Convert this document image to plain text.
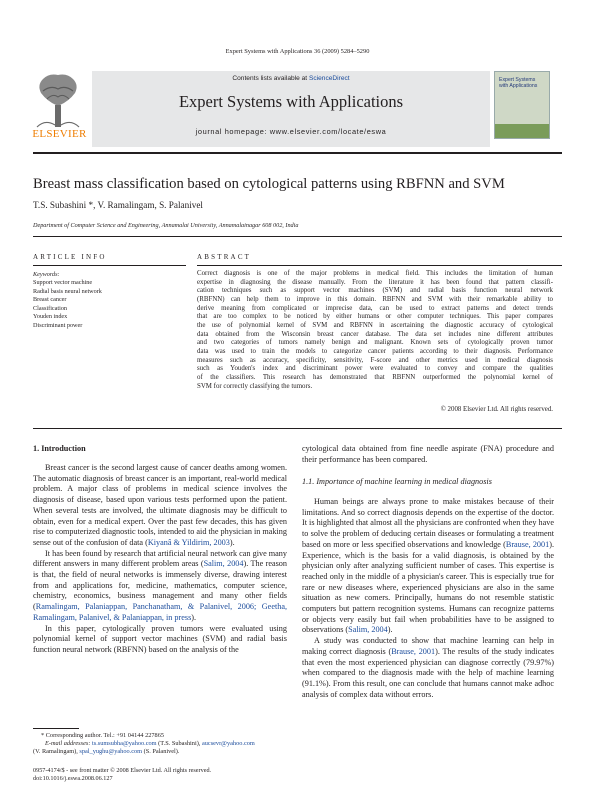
Expert Systems with Applications 36 (2009) 5284–5290
ELSEVIER
Contents lists available at ScienceDirect
Expert Systems with Applications
journal homepage: www.elsevier.com/locate/eswa
Expert Systems with Applications
Breast mass classification based on cytological patterns using RBFNN and SVM
T.S. Subashini *, V. Ramalingam, S. Palanivel
Department of Computer Science and Engineering, Annamalai University, Annamalainagar 608 002, India
ARTICLE INFO
Keywords:
Support vector machine
Radial basis neural network
Breast cancer
Classification
Youden index
Discriminant power
ABSTRACT
Correct diagnosis is one of the major problems in medical field. This includes the limitation of human
expertise in diagnosing the disease manually. From the literature it has been found that pattern classifi-
cation techniques such as support vector machines (SVM) and radial basis function neural network
(RBFNN) can help them to improve in this domain. RBFNN and SVM with their remarkable ability to
derive meaning from complicated or imprecise data, can be used to extract patterns and detect trends
that are too complex to be noticed by either humans or other computer techniques. This paper compares
the use of polynomial kernel of SVM and RBFNN in ascertaining the diagnostic accuracy of cytological
data obtained from the Wisconsin breast cancer database. The data set includes nine different attributes
and two categories of tumors namely benign and malignant. Known sets of cytologically proven tumor
data was used to train the models to categorize cancer patients according to their diagnosis. Performance
measures such as accuracy, specificity, sensitivity, F-score and other metrics used in medical diagnosis
such as Youden's index and discriminant power were evaluated to convey and compare the qualities
of the classifiers. This research has demonstrated that RBFNN outperformed the polynomial kernel of
SVM for correctly classifying the tumors.
© 2008 Elsevier Ltd. All rights reserved.
1. Introduction

Breast cancer is the second largest cause of cancer deaths among women. The automatic diagnosis of breast cancer is an important, real-world medical problem. A major class of problems in medical science involves the diagnosis of disease, based upon various tests performed upon the patient. When several tests are involved, the ultimate diagnosis may be difficult to obtain, even for a medical expert. Over the past few decades, this has given rise to computerized diagnostic tools, intended to aid the physician in making sense out of the confusion of data (Kiyanâ & Yildirim, 2003).

It has been found by research that artificial neural network can give many different answers in many different problem areas (Salim, 2004). The reason is that, the field of neural networks is immensely diverse, drawing interest from and applications for, medicine, mathematics, computer science, chemistry, economics, business management and many other fields (Ramalingam, Palaniappan, Panchanatham, & Palanivel, 2006; Geetha, Ramalingam, Palanivel, & Palaniappan, in press).

In this paper, cytologically proven tumors were evaluated using polynomial kernel of support vector machines (SVM) and radial basis function neural network (RBFNN) based on the analysis of the

* Corresponding author. Tel.: +91 04144 227865
E-mail addresses: ts.sumsubha@yahoo.com (T.S. Subashini), aucsevr@yahoo.com
(V. Ramalingam), spal_yughu@yahoo.com (S. Palanivel).
0957-4174/$ - see front matter © 2008 Elsevier Ltd. All rights reserved.
doi:10.1016/j.eswa.2008.06.127

cytological data obtained from fine needle aspirate (FNA) procedure and their performance has been compared.

1.1. Importance of machine learning in medical diagnosis

Human beings are always prone to make mistakes because of their limitations. And so correct diagnosis depends on the expertise of the doctor. It is highlighted that almost all the physicians are confronted when they have to solve the problem of deducing certain diseases or formulating a treatment based on more or less specified observations and knowledge (Brause, 2001). Experience, which is the basis for a valid diagnosis, is obtained by the physician only after analyzing sufficient number of cases. This expertise is reached only in the middle of a physician's career. This is especially true for rare or new diseases where, experienced physicians are also in the same situation as new comers. Principally, humans do not resemble statistic computers but pattern recognition systems. Humans can recognize patterns or objects very easily but fail when probabilities have to be assigned to observations (Salim, 2004).

A study was conducted to show that machine learning can help in making correct diagnosis (Brause, 2001). The results of the study indicates that even the most experienced physician can diagnose correctly (79.97%) when compared to the diagnosis made with the help of machine learning (91.1%). From this result, one can conclude that humans cannot make adhoc analysis of complex data without errors.
